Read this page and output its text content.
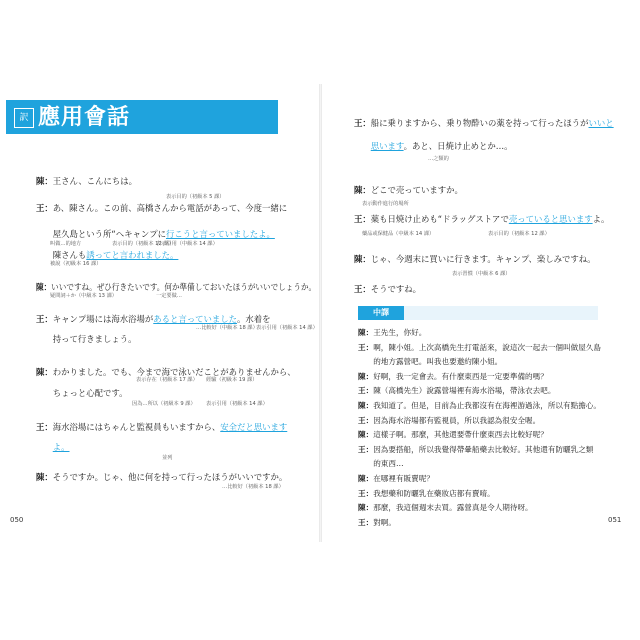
訳 應用會話
陳：王さん、こんにちは。
王：あ、陳さん。この前、高橋さんから電話があって、今度一緒に
　　屋久島という所“へキャンプに行こうと言っていましたよ。
　　陳さんも誘ってと言われました。
陳：いいですね。ぜひ行きたいです。何か準備しておいたほうがいいでしょうか。
王：キャンプ場には海水浴場があると言っていました。水着を
　　持って行きましょう。
陳：わかりました。でも、今まで海で泳いだことがありませんから、
　　ちょっと心配です。
王：海水浴場にはちゃんと監視員もいますから、安全だと思います
　　よ。
陳：そうですか。じゃ、他に何を持って行ったほうがいいですか。
表示目的（初級本 5 課）
叫做…的地方	表示目的（初級本 12 課）
表示引用（中級本 14 課）
被說（初級本 16 課）
疑問詞＋か（中級本 13 課）	一定要做…
…比較好（中級本 18 課）
表示引用（初級本 14 課）
表示存在（初級本 17 課） 經驗（初級本 19 課）
因為…所以（初級本 9 課） 表示引用（初級本 14 課）
並列
…比較好（初級本 18 課）
050
王：船に乗りますから、乗り物酔いの薬を持って行ったほうがいいと
　　思います。あと、日焼け止めとか…。
陳：どこで売っていますか。
王：薬も日焼け止めも“ドラッグストアで売っていると思いますよ。
陳：じゃ、今週末に買いに行きます。キャンプ、楽しみですね。
王：そうですね。
…之類的
表示動作進行的場所
藥品或保健品（中級本 14 課）	表示目的（初級本 12 課）
表示習慣（中級本 6 課）
中譯
陳：王先生，你好。
王：啊，陳小姐。上次高橋先生打電話來，說這次一起去一個叫做屋久島
　　的地方露營吧。叫我也要邀約陳小姐。
陳：好啊，我一定會去。有什麼東西是一定要準備的嗎？
王：陳（高橋先生）說露營場裡有海水浴場，帶泳衣去吧。
陳：我知道了。但是，目前為止我都沒有在海裡游過泳，所以有點擔心。
王：因為海水浴場都有監視員，所以我認為很安全喔。
陳：這樣子啊。那麼，其他還要帶什麼東西去比較好呢？
王：因為要搭船，所以我覺得帶暈船藥去比較好。其他還有防曬乳之類
　　的東西…
陳：在哪裡有販賣呢？
王：我想藥和防曬乳在藥妝店都有賣唷。
陳：那麼，我這個週末去買。露營真是令人期待呀。
王：對啊。	051
